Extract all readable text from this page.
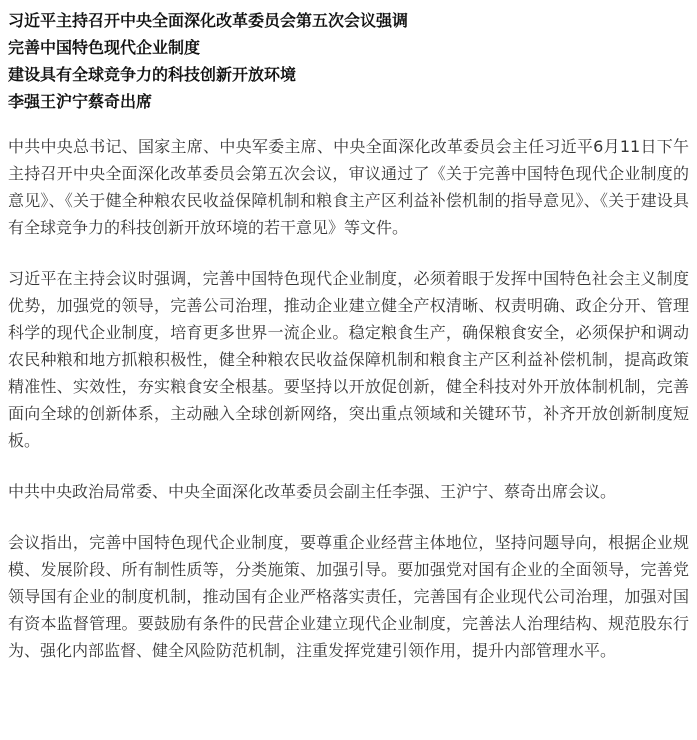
习近平主持召开中央全面深化改革委员会第五次会议强调
完善中国特色现代企业制度
建设具有全球竞争力的科技创新开放环境
李强王沪宁蔡奇出席

中共中央总书记、国家主席、中央军委主席、中央全面深化改革委员会主任习近平6月11日下午主持召开中央全面深化改革委员会第五次会议，审议通过了《关于完善中国特色现代企业制度的意见》、《关于健全种粮农民收益保障机制和粮食主产区利益补偿机制的指导意见》、《关于建设具有全球竞争力的科技创新开放环境的若干意见》等文件。

习近平在主持会议时强调，完善中国特色现代企业制度，必须着眼于发挥中国特色社会主义制度优势，加强党的领导，完善公司治理，推动企业建立健全产权清晰、权责明确、政企分开、管理科学的现代企业制度，培育更多世界一流企业。稳定粮食生产，确保粮食安全，必须保护和调动农民种粮和地方抓粮积极性，健全种粮农民收益保障机制和粮食主产区利益补偿机制，提高政策精准性、实效性，夯实粮食安全根基。要坚持以开放促创新，健全科技对外开放体制机制，完善面向全球的创新体系，主动融入全球创新网络，突出重点领域和关键环节，补齐开放创新制度短板。

中共中央政治局常委、中央全面深化改革委员会副主任李强、王沪宁、蔡奇出席会议。

会议指出，完善中国特色现代企业制度，要尊重企业经营主体地位，坚持问题导向，根据企业规模、发展阶段、所有制性质等，分类施策、加强引导。要加强党对国有企业的全面领导，完善党领导国有企业的制度机制，推动国有企业严格落实责任，完善国有企业现代公司治理，加强对国有资本监督管理。要鼓励有条件的民营企业建立现代企业制度，完善法人治理结构、规范股东行为、强化内部监督、健全风险防范机制，注重发挥党建引领作用，提升内部管理水平。
